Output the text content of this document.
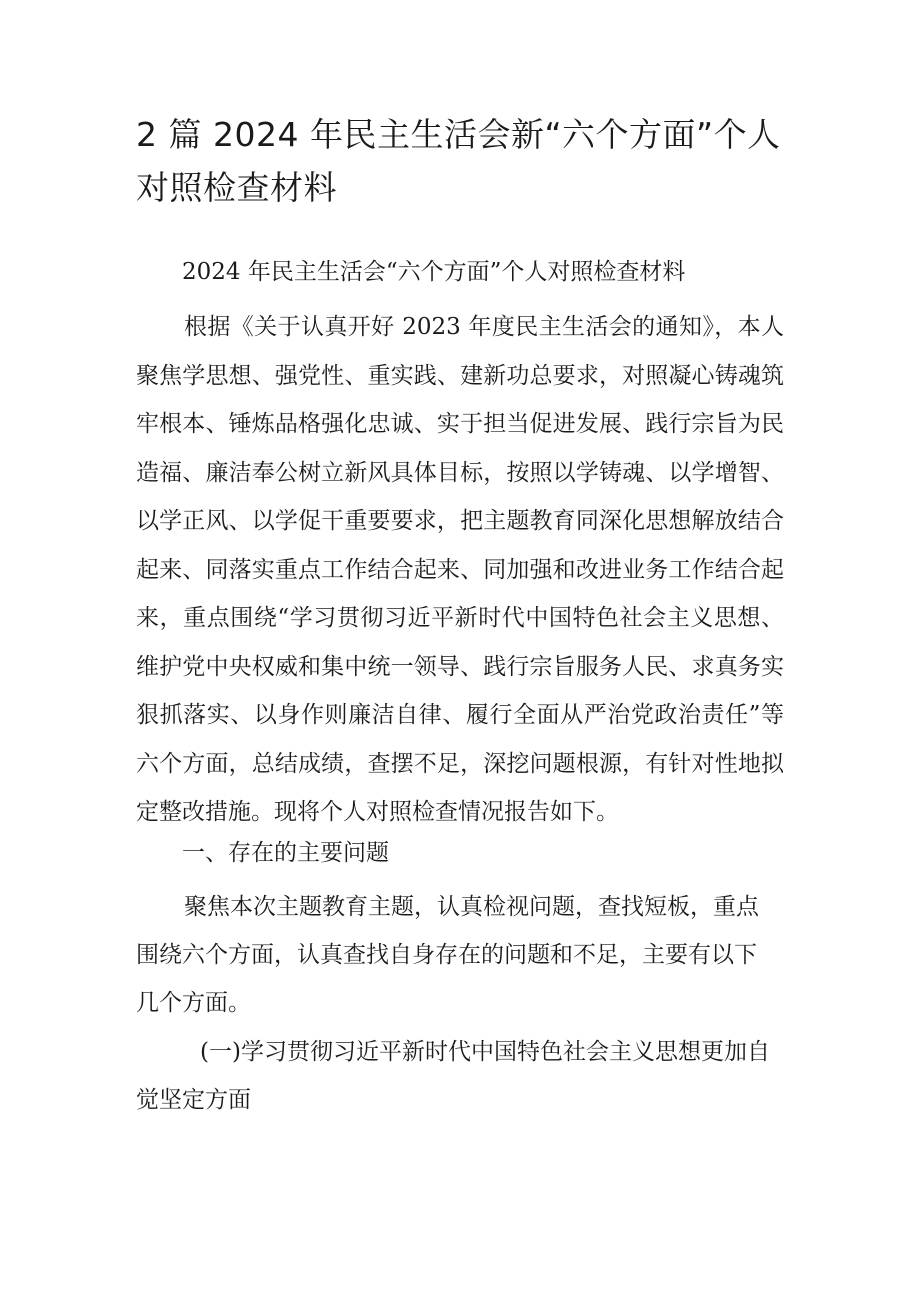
2 篇 2024 年民主生活会新“六个方面”个人对照检查材料

2024 年民主生活会“六个方面”个人对照检查材料

根据《关于认真开好 2023 年度民主生活会的通知》，本人聚焦学思想、强党性、重实践、建新功总要求，对照凝心铸魂筑牢根本、锤炼品格强化忠诚、实于担当促进发展、践行宗旨为民造福、廉洁奉公树立新风具体目标，按照以学铸魂、以学增智、以学正风、以学促干重要要求，把主题教育同深化思想解放结合起来、同落实重点工作结合起来、同加强和改进业务工作结合起来，重点围绕“学习贯彻习近平新时代中国特色社会主义思想、维护党中央权威和集中统一领导、践行宗旨服务人民、求真务实狠抓落实、以身作则廉洁自律、履行全面从严治党政治责任”等六个方面，总结成绩，查摆不足，深挖问题根源，有针对性地拟定整改措施。现将个人对照检查情况报告如下。

一、存在的主要问题

聚焦本次主题教育主题，认真检视问题，查找短板，重点围绕六个方面，认真查找自身存在的问题和不足，主要有以下几个方面。

(一)学习贯彻习近平新时代中国特色社会主义思想更加自觉坚定方面
